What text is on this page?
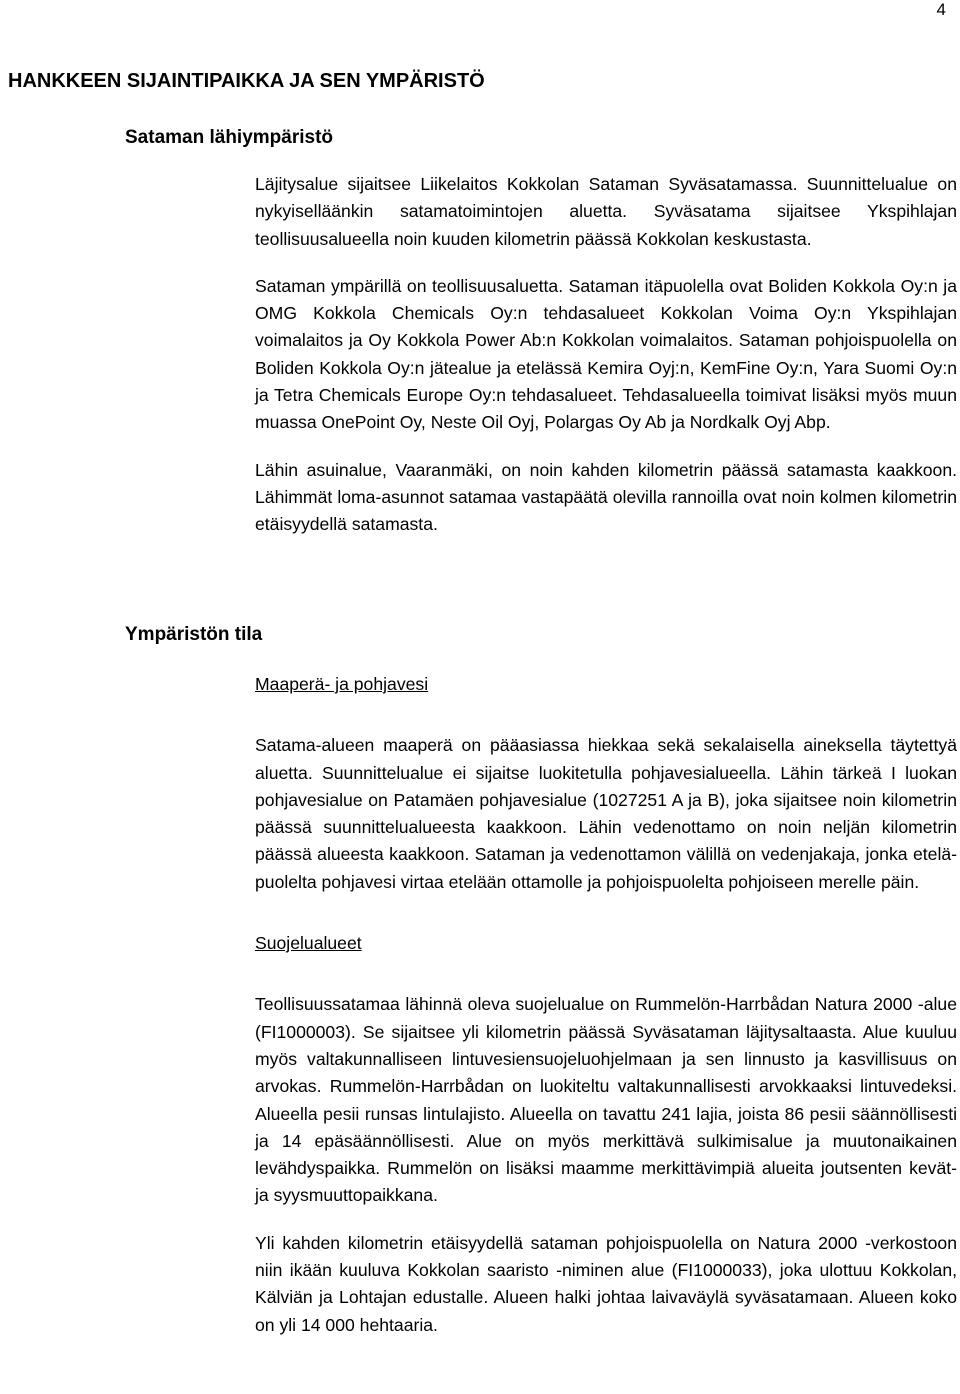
4
HANKKEEN SIJAINTIPAIKKA JA SEN YMPÄRISTÖ
Sataman lähiympäristö

Läjitysalue sijaitsee Liikelaitos Kokkolan Sataman Syväsatamassa. Suunnittelualue on nykyiselläänkin satamatoimintojen aluetta. Syväsatama sijaitsee Ykspihlajan teollisuusalueella noin kuuden kilometrin päässä Kokkolan keskustasta.

Sataman ympärillä on teollisuusaluetta. Sataman itäpuolella ovat Boliden Kokkola Oy:n ja OMG Kokkola Chemicals Oy:n tehdasalueet Kokkolan Voima Oy:n Ykspihlajan voimalaitos ja Oy Kokkola Power Ab:n Kokkolan voimalaitos. Sataman pohjoispuolella on Boliden Kokkola Oy:n jätealue ja etelässä Kemira Oyj:n, KemFine Oy:n, Yara Suomi Oy:n ja Tetra Chemicals Europe Oy:n tehdasalueet. Tehdasalueella toimivat lisäksi myös muun muassa OnePoint Oy, Neste Oil Oyj, Polargas Oy Ab ja Nordkalk Oyj Abp.

Lähin asuinalue, Vaaranmäki, on noin kahden kilometrin päässä satamasta kaakkoon. Lähimmät loma-asunnot satamaa vastapäätä olevilla rannoilla ovat noin kolmen kilometrin etäisyydellä satamasta.

Ympäristön tila
Maaperä- ja pohjavesi

Satama-alueen maaperä on pääasiassa hiekkaa sekä sekalaisella aineksella täytettyä aluetta. Suunnittelualue ei sijaitse luokitetulla pohjavesialueella. Lähin tärkeä I luokan pohjavesialue on Patamäen pohjavesialue (1027251 A ja B), joka sijaitsee noin kilometrin päässä suunnittelualueesta kaakkoon. Lähin vedenottamo on noin neljän kilometrin päässä alueesta kaakkoon. Sataman ja vedenottamon välillä on vedenjakaja, jonka eteläpuolelta pohjavesi virtaa etelään ottamolle ja pohjoispuolelta pohjoiseen merelle päin.

Suojelualueet

Teollisuussatamaa lähinnä oleva suojelualue on Rummelön-Harrbådan Natura 2000 -alue (FI1000003). Se sijaitsee yli kilometrin päässä Syväsataman läjitysaltaasta. Alue kuuluu myös valtakunnalliseen lintuvesiensuojeluohjelmaan ja sen linnusto ja kasvillisuus on arvokas. Rummelön-Harrbådan on luokiteltu valtakunnallisesti arvokkaaksi lintuvedeksi. Alueella pesii runsas lintulajisto. Alueella on tavattu 241 lajia, joista 86 pesii säännöllisesti ja 14 epäsäännöllisesti. Alue on myös merkittävä sulkimisalue ja muutonaikainen levähdyspaikka. Rummelön on lisäksi maamme merkittävimpiä alueita joutsenten kevät- ja syysmuuttopaikkana.

Yli kahden kilometrin etäisyydellä sataman pohjoispuolella on Natura 2000 -verkostoon niin ikään kuuluva Kokkolan saaristo -niminen alue (FI1000033), joka ulottuu Kokkolan, Kälviän ja Lohtajan edustalle. Alueen halki johtaa laivaväylä syväsatamaan. Alueen koko on yli 14 000 hehtaaria.
